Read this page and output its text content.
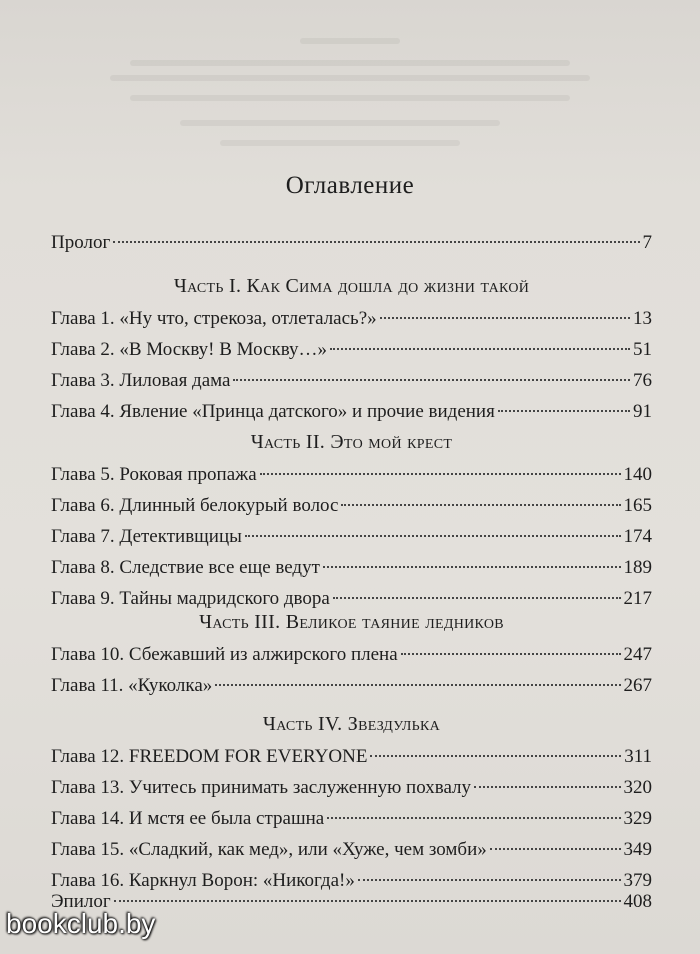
Оглавление
Пролог	7
Часть I. Как Сима дошла до жизни такой
Глава 1. «Ну что, стрекоза, отлеталась?»	13
Глава 2. «В Москву! В Москву…»	51
Глава 3. Лиловая дама	76
Глава 4. Явление «Принца датского» и прочие видения	91
Часть II. Это мой крест
Глава 5. Роковая пропажа	140
Глава 6. Длинный белокурый волос	165
Глава 7. Детективщицы	174
Глава 8. Следствие все еще ведут	189
Глава 9. Тайны мадридского двора	217
Часть III. Великое таяние ледников
Глава 10. Сбежавший из алжирского плена	247
Глава 11. «Куколка»	267
Часть IV. Звездулька
Глава 12. FREEDOM FOR EVERYONE	311
Глава 13. Учитесь принимать заслуженную похвалу	320
Глава 14. И мстя ее была страшна	329
Глава 15. «Сладкий, как мед», или «Хуже, чем зомби»	349
Глава 16. Каркнул Ворон: «Никогда!»	379
Эпилог	408
bookclub.by
